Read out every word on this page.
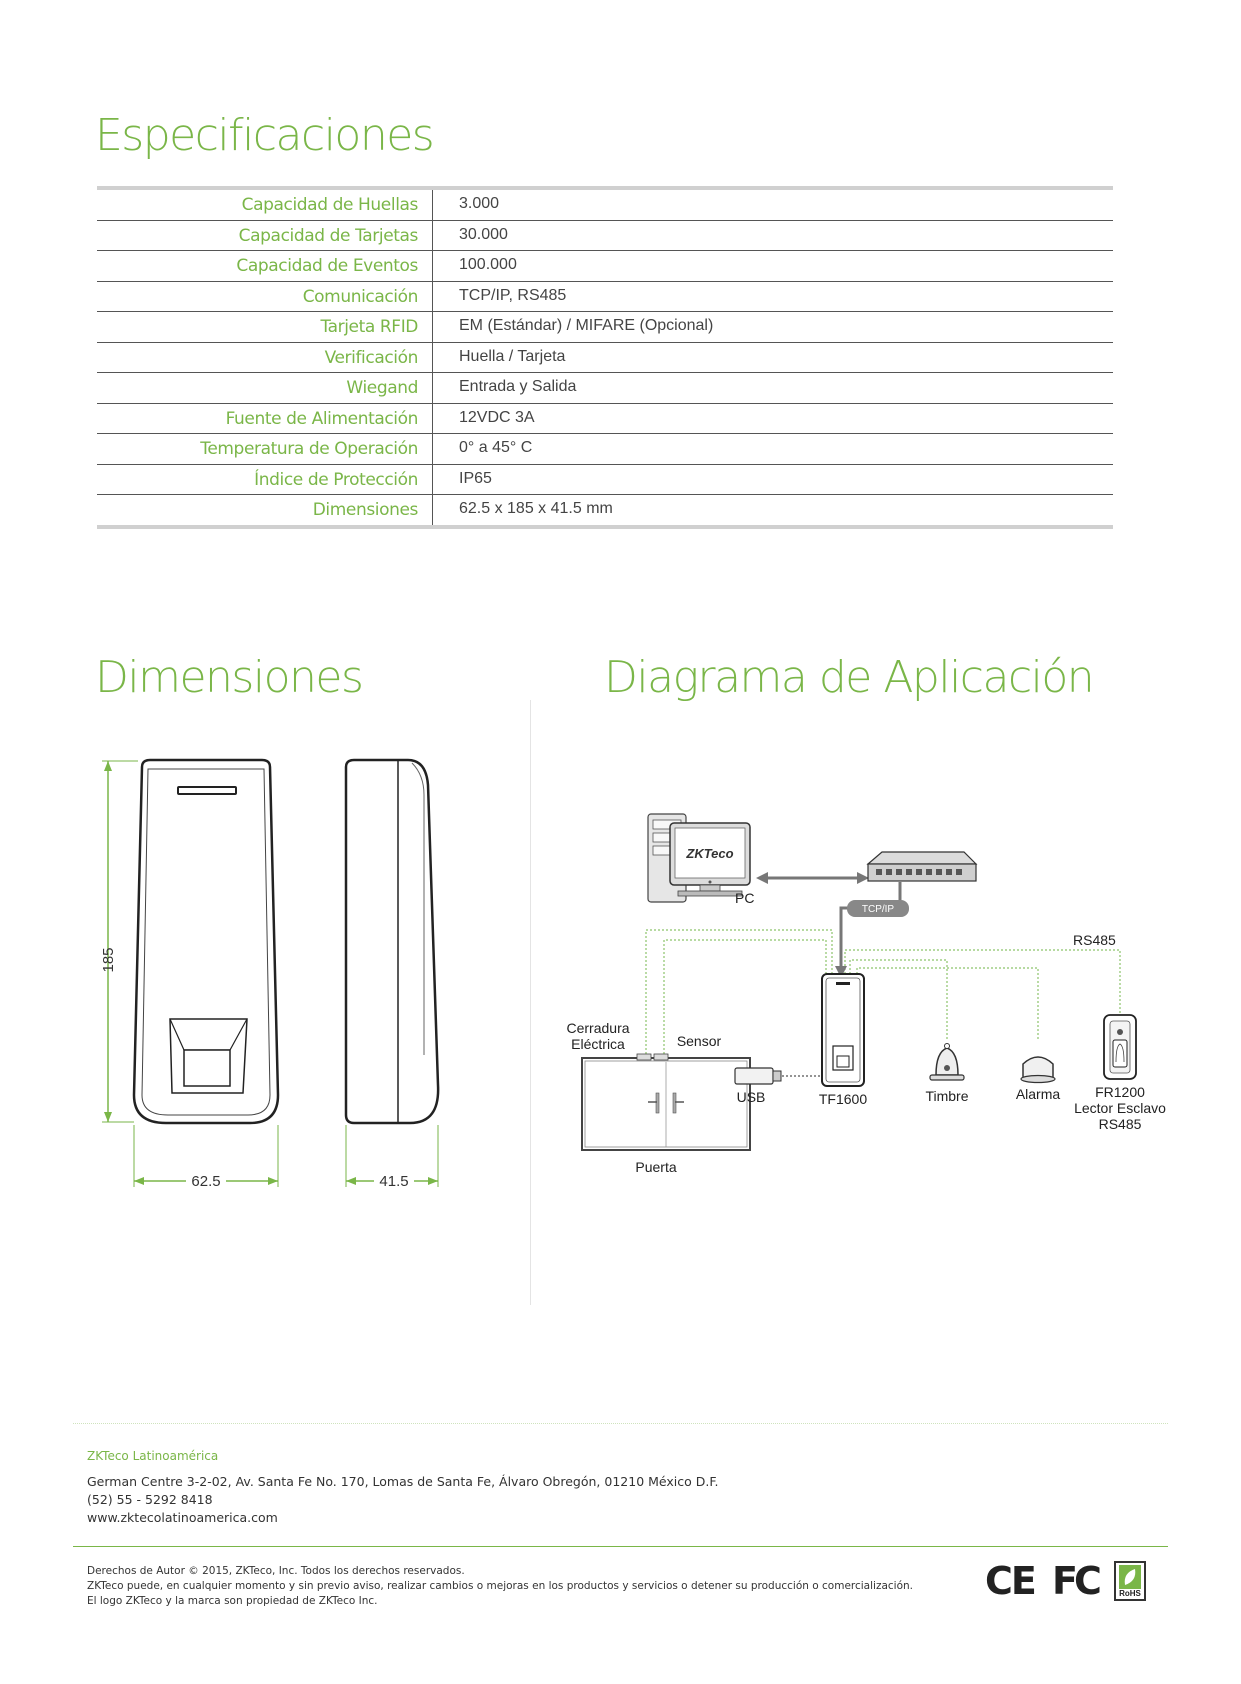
Especificaciones
Dimensiones	Diagrama de Aplicación
Capacidad de Huellas	3.000
Capacidad de Tarjetas	30.000
Capacidad de Eventos	100.000
Comunicación	TCP/IP, RS485
Tarjeta RFID	EM (Estándar) / MIFARE (Opcional)
Verificación	Huella / Tarjeta
Wiegand	Entrada y Salida
Fuente de Alimentación	12VDC 3A
Temperatura de Operación	0° a 45° C
Índice de Protección	IP65
Dimensiones	62.5 x 185 x 41.5 mm
185
62.5	41.5
TCP/IP
RS485
ZKTeco
PC
Cerradura
Eléctrica	Sensor
Puerta
USB	TF1600	Timbre	Alarma FR1200
Lector Esclavo
RS485

ZKTeco Latinoamérica

German Centre 3-2-02, Av. Santa Fe No. 170, Lomas de Santa Fe, Álvaro Obregón, 01210 México D.F.

(52) 55 - 5292 8418

www.zktecolatinoamerica.com

Derechos de Autor © 2015, ZKTeco, Inc. Todos los derechos reservados.

ZKTeco puede, en cualquier momento y sin previo aviso, realizar cambios o mejoras en los productos y servicios o detener su producción o comercialización.

El logo ZKTeco y la marca son propiedad de ZKTeco Inc.	CE FC	RoHS
